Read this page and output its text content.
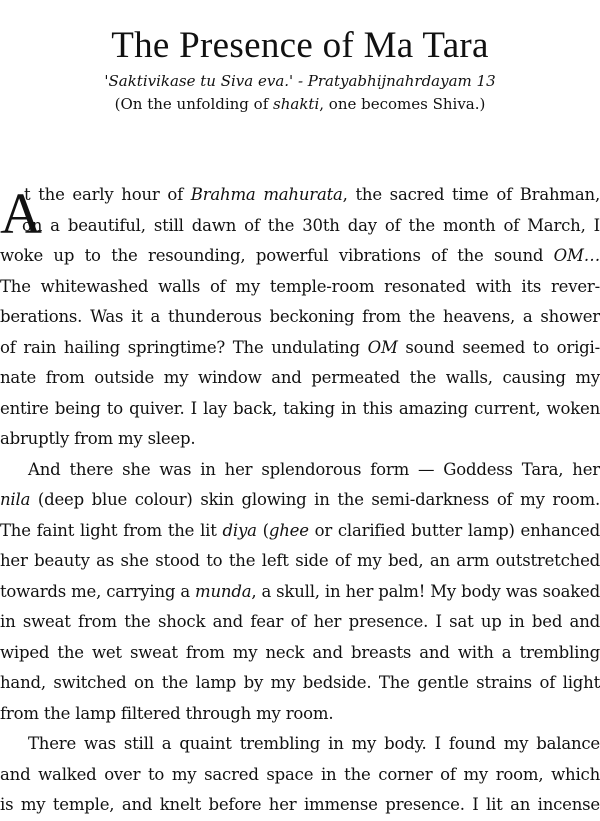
The Presence of Ma Tara
'Saktivikase tu Siva eva.' - Pratyabhijnahrdayam 13
(On the unfolding of shakti, one becomes Shiva.)
A
t the early hour of Brahma mahurata, the sacred time of Brahman,
on a beautiful, still dawn of the 30th day of the month of March, I
woke up to the resounding, powerful vibrations of the sound OM…
The whitewashed walls of my temple-room resonated with its rever-
berations. Was it a thunderous beckoning from the heavens, a shower
of rain hailing springtime? The undulating OM sound seemed to origi-
nate from outside my window and permeated the walls, causing my
entire being to quiver. I lay back, taking in this amazing current, woken
abruptly from my sleep.
And there she was in her splendorous form — Goddess Tara, her
nila (deep blue colour) skin glowing in the semi-darkness of my room.
The faint light from the lit diya (ghee or clarified butter lamp) enhanced
her beauty as she stood to the left side of my bed, an arm outstretched
towards me, carrying a munda, a skull, in her palm! My body was soaked
in sweat from the shock and fear of her presence. I sat up in bed and
wiped the wet sweat from my neck and breasts and with a trembling
hand, switched on the lamp by my bedside. The gentle strains of light
from the lamp filtered through my room.
There was still a quaint trembling in my body. I found my balance
and walked over to my sacred space in the corner of my room, which
is my temple, and knelt before her immense presence. I lit an incense
